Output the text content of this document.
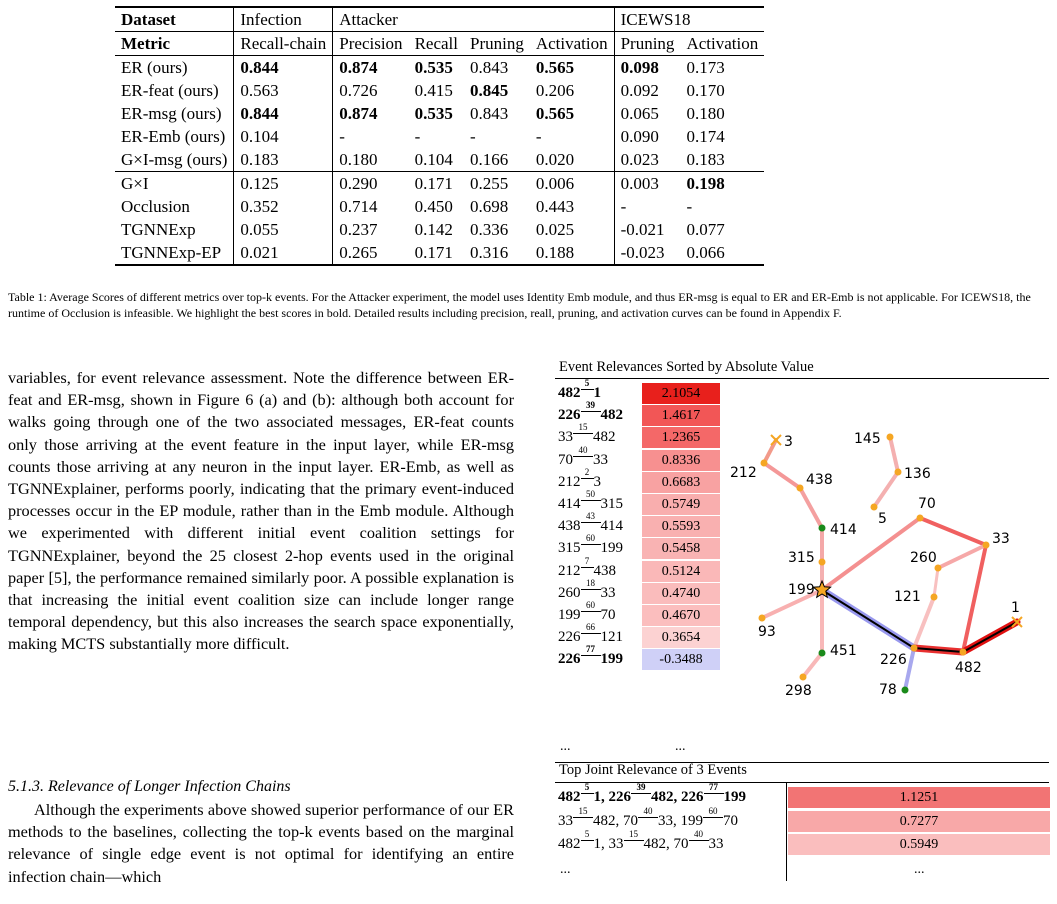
Dataset	Infection	Attacker				ICEWS18	
Metric	Recall-chain	Precision	Recall	Pruning	Activation	Pruning	Activation
ER (ours)	0.844	0.874	0.535	0.843	0.565	0.098	0.173
ER-feat (ours)	0.563	0.726	0.415	0.845	0.206	0.092	0.170
ER-msg (ours)	0.844	0.874	0.535	0.843	0.565	0.065	0.180
ER-Emb (ours)	0.104	-	-	-	-	0.090	0.174
G×I-msg (ours)	0.183	0.180	0.104	0.166	0.020	0.023	0.183
G×I	0.125	0.290	0.171	0.255	0.006	0.003	0.198
Occlusion	0.352	0.714	0.450	0.698	0.443	-	-
TGNNExp	0.055	0.237	0.142	0.336	0.025	-0.021	0.077
TGNNExp-EP	0.021	0.265	0.171	0.316	0.188	-0.023	0.066
Table 1: Average Scores of different metrics over top-k events. For the Attacker experiment, the model uses Identity Emb module, and thus ER-msg is equal to ER and ER-Emb is not applicable. For ICEWS18, the runtime of Occlusion is infeasible. We highlight the best scores in bold. Detailed results including precision, reall, pruning, and activation curves can be found in Appendix F.
variables, for event relevance assessment. Note the difference between ER-feat and ER-msg, shown in Figure 6 (a) and (b): although both account for walks going through one of the two associated messages, ER-feat counts only those arriving at the event feature in the input layer, while ER-msg counts those arriving at any neuron in the input layer. ER-Emb, as well as TGNNExplainer, performs poorly, indicating that the primary event-induced processes occur in the EP module, rather than in the Emb module. Although we experimented with different initial event coalition settings for TGNNExplainer, beyond the 25 closest 2-hop events used in the original paper [5], the performance remained similarly poor. A possible explanation is that increasing the initial event coalition size can include longer range temporal dependency, but this also increases the search space exponentially, making MCTS substantially more difficult.
5.1.3. Relevance of Longer Infection Chains
Although the experiments above showed superior performance of our ER methods to the baselines, collecting the top-k events based on the marginal relevance of single edge event is not optimal for identifying an entire infection chain—which
Event Relevances Sorted by Absolute Value
482
5
1	2.1054
226
39
482	1.4617
33
15
482	1.2365
70
40
33	0.8336
212
2
3	0.6683
414
50
315	0.5749
438
43
414	0.5593
315
60
199	0.5458
212
7
438	0.5124
260
18
33	0.4740
199
60
70	0.4670
226
66
121	0.3654
226
77
199	-0.3488
...	...
Top Joint Relevance of 3 Events
482
5
1, 226
39
482, 226
77
199	1.1251
33
15
482, 70
40
33, 199
60
70	0.7277
482
5
1, 33
15
482, 70
40
33	0.5949
...	...
3	145
212	438	136
5
70
414
33
315	260
199	121
1
93
451
226	482
298	78
